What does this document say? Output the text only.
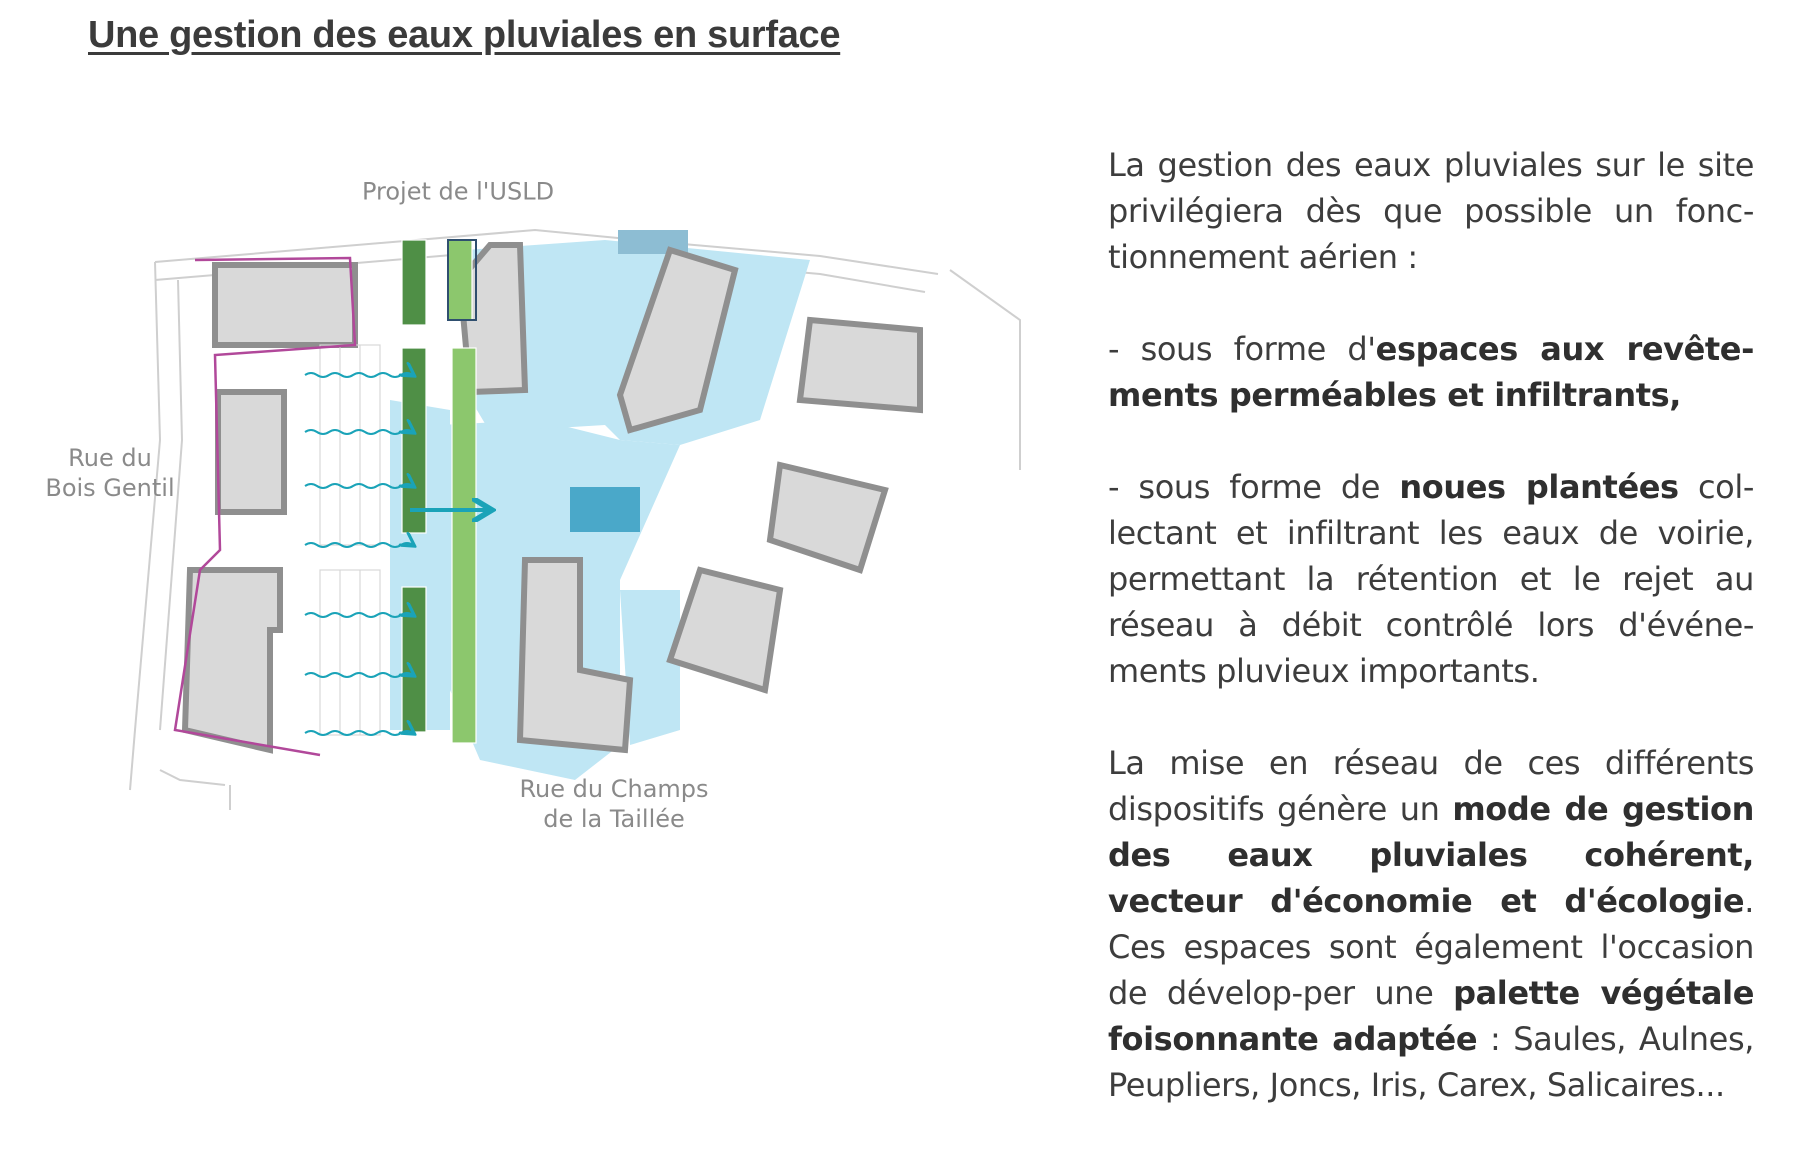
Une gestion des eaux pluviales en surface
Projet de l'USLD
Rue du
Bois Gentil
Rue du Champs
de la Taillée

La gestion des eaux pluviales sur le site privilégiera dès que possible un fonc-tionnement aérien :

- sous forme d'espaces aux revête-ments perméables et infiltrants,

- sous forme de noues plantées col-lectant et infiltrant les eaux de voirie, permettant la rétention et le rejet au réseau à débit contrôlé lors d'événe-ments pluvieux importants.

La mise en réseau de ces différents dispositifs génère un mode de gestion des eaux pluviales cohérent, vecteur d'économie et d'écologie. Ces espaces sont également l'occasion de dévelop-per une palette végétale foisonnante adaptée : Saules, Aulnes, Peupliers, Joncs, Iris, Carex, Salicaires...
